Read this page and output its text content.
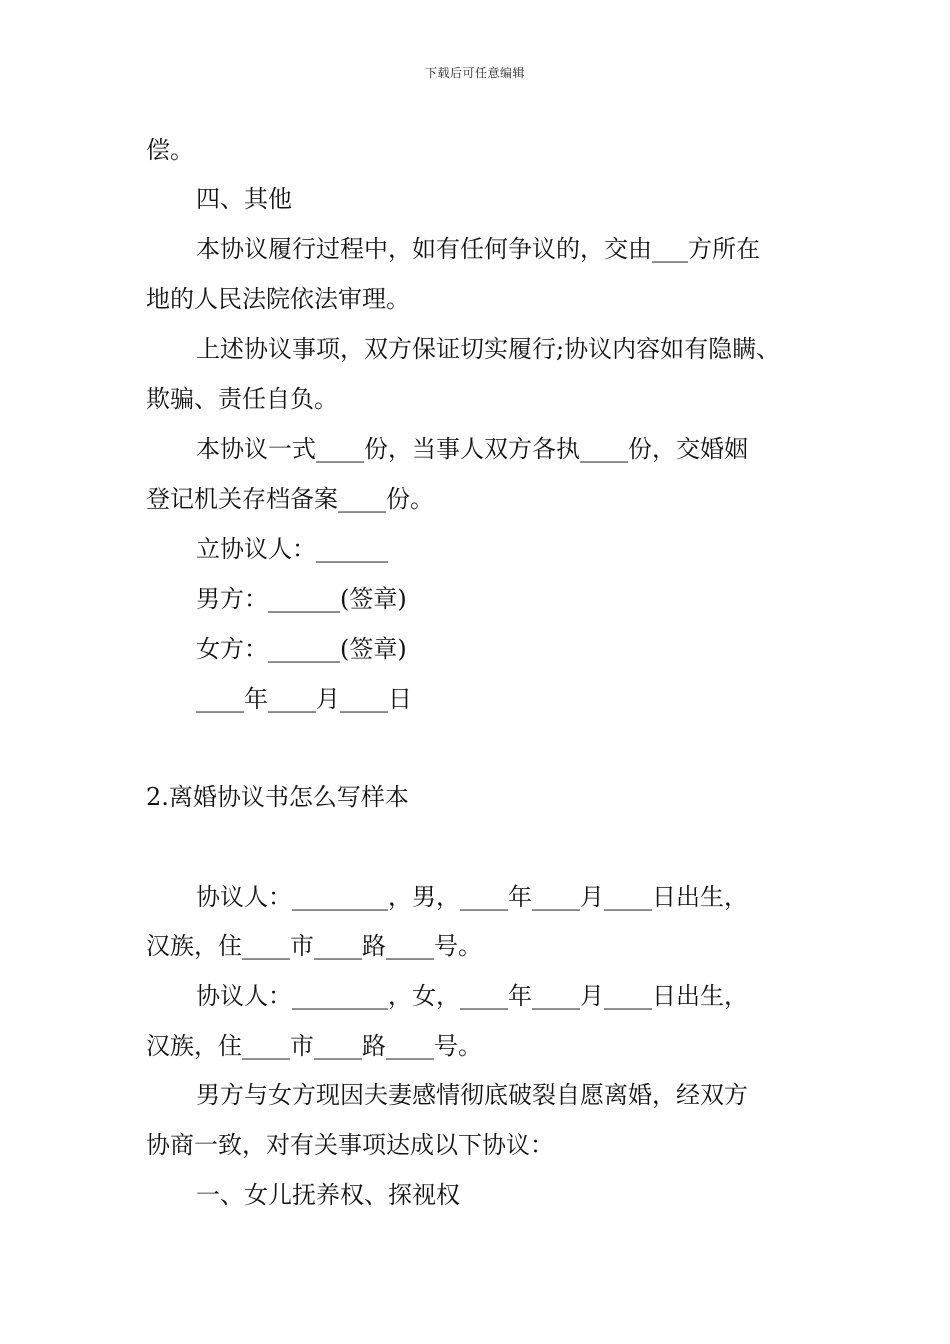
下载后可任意编辑
偿。
四、其他
本协议履行过程中，如有任何争议的，交由___方所在
地的人民法院依法审理。
上述协议事项，双方保证切实履行;协议内容如有隐瞒、
欺骗、责任自负。
本协议一式____份，当事人双方各执____份，交婚姻
登记机关存档备案____份。
立协议人：______
男方：______(签章)
女方：______(签章)
____年____月____日
2.离婚协议书怎么写样本
协议人：________，男，____年____月____日出生，
汉族，住____市____路____号。
协议人：________，女，____年____月____日出生，
汉族，住____市____路____号。
男方与女方现因夫妻感情彻底破裂自愿离婚，经双方
协商一致，对有关事项达成以下协议：
一、女儿抚养权、探视权
